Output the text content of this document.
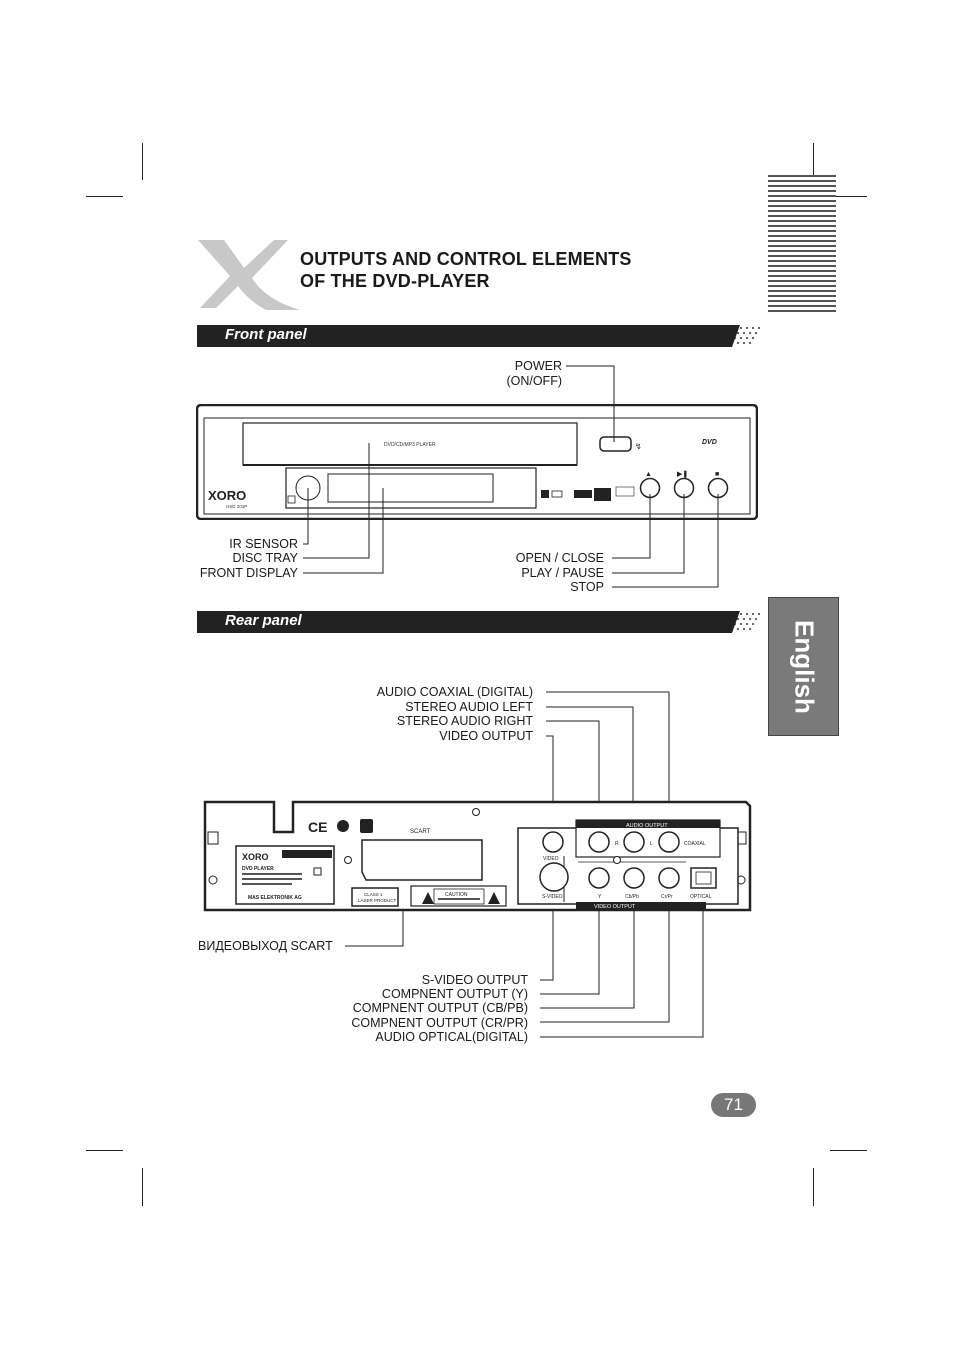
OUTPUTS AND CONTROL ELEMENTS
OF THE DVD-PLAYER
Front panel
Rear panel	English
DVD/CD/MP3 PLAYER
XORO
HSD 201P
↯	DVD
▲	▶❚	■
POWER
(ON/OFF)
IR SENSOR
DISC TRAY
FRONT DISPLAY
OPEN / CLOSE
PLAY / PAUSE
STOP
CE
XORO
DVD PLAYER
MAS ELEKTRONIK AG
SCART
CLASS 1
LASER PRODUCT
CAUTION
AUDIO OUTPUT
VIDEO OUTPUT
VIDEO
S-VIDEO
R	L	COAXIAL
Y	Cb/Pb	Cr/Pr	OPTICAL
AUDIO COAXIAL (DIGITAL)
STEREO AUDIO LEFT
STEREO AUDIO RIGHT
VIDEO OUTPUT
ВИДЕОВЫХОД SCART
S-VIDEO OUTPUT
COMPNENT OUTPUT (Y)
COMPNENT OUTPUT (CB/PB)
COMPNENT OUTPUT (CR/PR)
AUDIO OPTICAL(DIGITAL)
71
